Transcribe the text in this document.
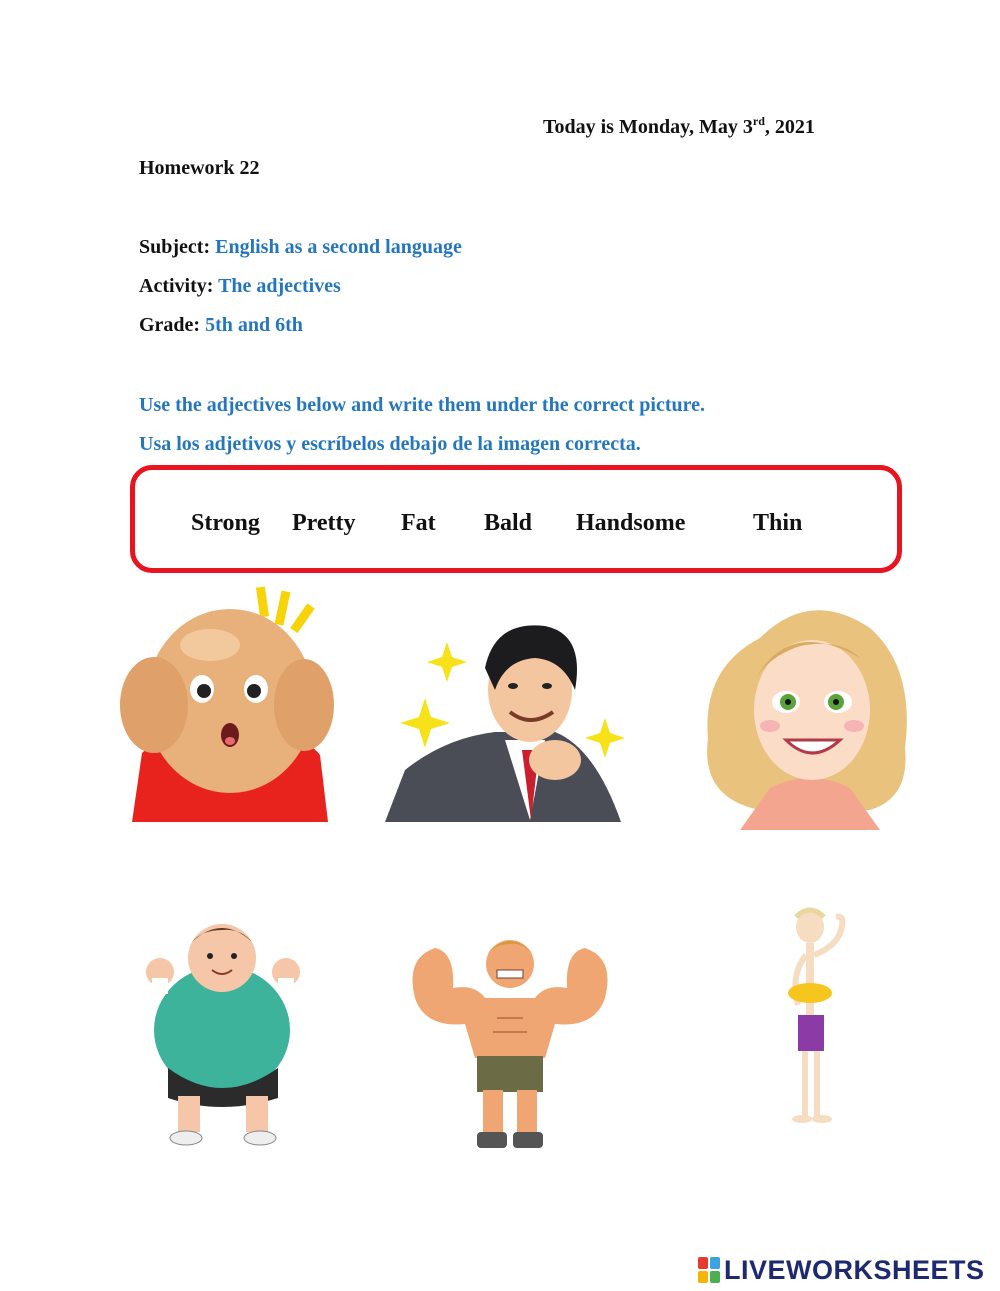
Today is Monday, May 3rd, 2021
Homework 22
Subject: English as a second language
Activity: The adjectives
Grade: 5th and 6th
Use the adjectives below and write them under the correct picture.
Usa los adjetivos y escríbelos debajo de la imagen correcta.
Strong Pretty Fat Bald Handsome	Thin
LIVEWORKSHEETS
